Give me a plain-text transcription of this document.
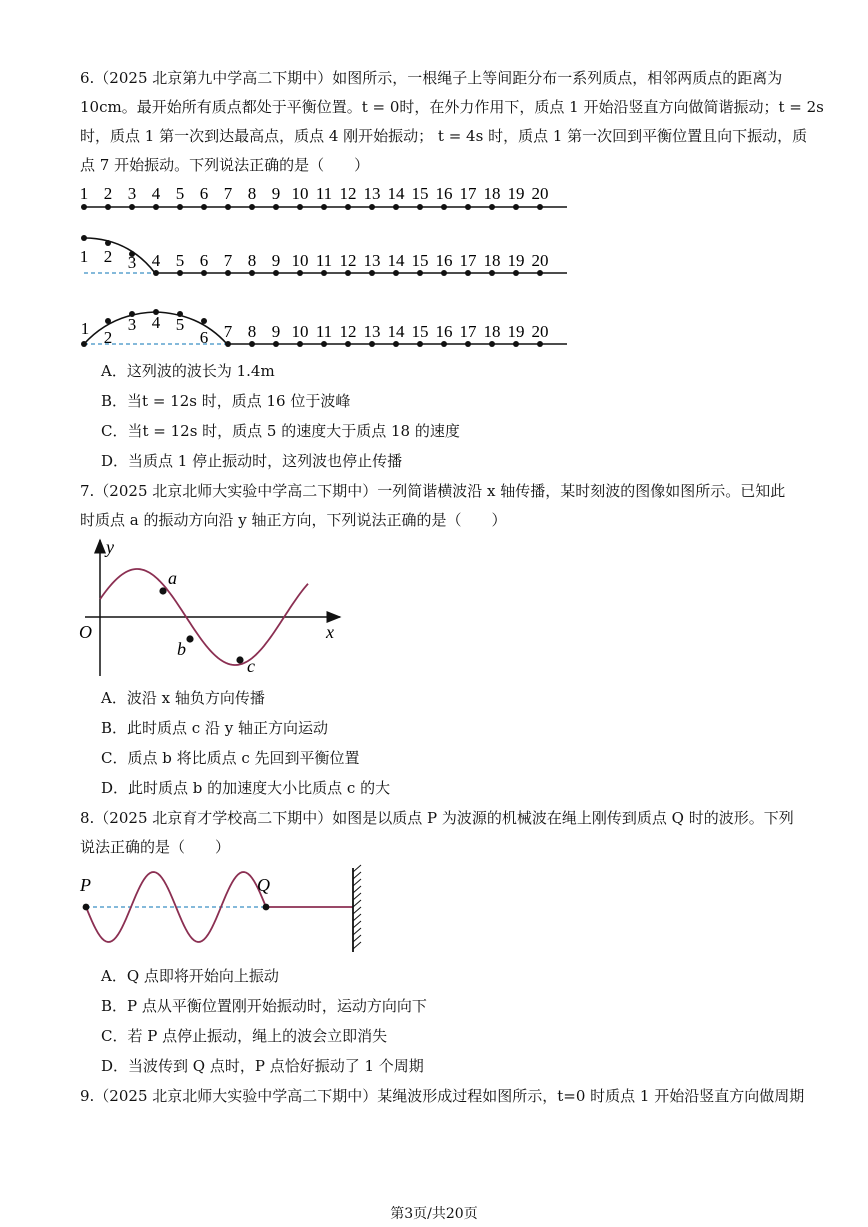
6.（2025 北京第九中学高二下期中）如图所示，一根绳子上等间距分布一系列质点，相邻两质点的距离为
10cm。最开始所有质点都处于平衡位置。t = 0时，在外力作用下，质点 1 开始沿竖直方向做简谐振动；t = 2s
时，质点 1 第一次到达最高点，质点 4 刚开始振动； t = 4s 时，质点 1 第一次回到平衡位置且向下振动，质
点 7 开始振动。下列说法正确的是（　　）
1 2 3 4 5 6 7 8 9 10 11 12 13 14 15 16 17 18 19 20
1 2 3 4 5 6 7 8 9 10 11 12 13 14 15 16 17 18 19 20
1 2
3 4 5
6 7 8 9 10 11 12 13 14 15 16 17 18 19 20
A．这列波的波长为 1.4m
B．当t = 12s 时，质点 16 位于波峰
C．当t = 12s 时，质点 5 的速度大于质点 18 的速度
D．当质点 1 停止振动时，这列波也停止传播
7.（2025 北京北师大实验中学高二下期中）一列简谐横波沿 x 轴传播，某时刻波的图像如图所示。已知此
时质点 a 的振动方向沿 y 轴正方向，下列说法正确的是（　　）
y
x
O
a
b
c
A．波沿 x 轴负方向传播
B．此时质点 c 沿 y 轴正方向运动
C．质点 b 将比质点 c 先回到平衡位置
D．此时质点 b 的加速度大小比质点 c 的大
8.（2025 北京育才学校高二下期中）如图是以质点 P 为波源的机械波在绳上刚传到质点 Q 时的波形。下列
说法正确的是（　　）
P	Q
A．Q 点即将开始向上振动
B．P 点从平衡位置刚开始振动时，运动方向向下
C．若 P 点停止振动，绳上的波会立即消失
D．当波传到 Q 点时，P 点恰好振动了 1 个周期
9.（2025 北京北师大实验中学高二下期中）某绳波形成过程如图所示，t=0 时质点 1 开始沿竖直方向做周期
第3页/共20页
